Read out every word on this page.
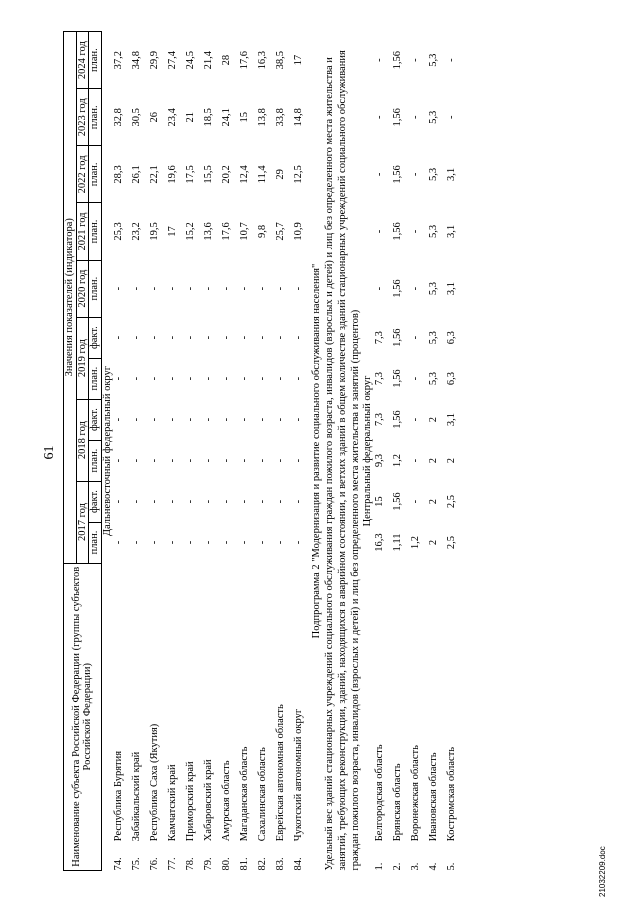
61
Наименование субъекта Российской Федерации (группы субъектов Российской Федерации)		Значения показателей (индикатора)										
		2017 год		2018 год		2019 год		2020 год	2021 год	2022 год	2023 год	2024 год
		план.	факт.	план.	факт.	план.	факт.	план.	план.	план.	план.	план.
Дальневосточный федеральный округ												
74.	Республика Бурятия	-	-	-	-	-	-	-	25,3	28,3	32,8	37,2
75.	Забайкальский край	-	-	-	-	-	-	-	23,2	26,1	30,5	34,8
76.	Республика Саха (Якутия)	-	-	-	-	-	-	-	19,5	22,1	26	29,9
77.	Камчатский край	-	-	-	-	-	-	-	17	19,6	23,4	27,4
78.	Приморский край	-	-	-	-	-	-	-	15,2	17,5	21	24,5
79.	Хабаровский край	-	-	-	-	-	-	-	13,6	15,5	18,5	21,4
80.	Амурская область	-	-	-	-	-	-	-	17,6	20,2	24,1	28
81.	Магаданская область	-	-	-	-	-	-	-	10,7	12,4	15	17,6
82.	Сахалинская область	-	-	-	-	-	-	-	9,8	11,4	13,8	16,3
83.	Еврейская автономная область	-	-	-	-	-	-	-	25,7	29	33,8	38,5
84.	Чукотский автономный округ	-	-	-	-	-	-	-	10,9	12,5	14,8	17
Подпрограмма 2 "Модернизация и развитие социального обслуживания населения"												
Удельный вес зданий стационарных учреждений социального обслуживания граждан пожилого возраста, инвалидов (взрослых и детей) и лиц без определенного места жительства и занятий, требующих реконструкции, зданий, находящихся в аварийном состоянии, и ветхих зданий в общем количестве зданий стационарных учреждений социального обслуживания граждан пожилого возраста, инвалидов (взрослых и детей) и лиц без определенного места жительства и занятий (процентов)												
Центральный федеральный округ												
1.	Белгородская область	16,3	15	9,3	7,3	7,3	7,3	-	-	-	-	-
2.	Брянская область	1,11	1,56	1,2	1,56	1,56	1,56	1,56	1,56	1,56	1,56	1,56
3.	Воронежская область	1,2	-	-	-	-	-	-	-	-	-	-
4.	Ивановская область	2	2	2	2	5,3	5,3	5,3	5,3	5,3	5,3	5,3
5.	Костромская область	2,5	2,5	2	3,1	6,3	6,3	3,1	3,1	3,1	-	-
21032209.doc
